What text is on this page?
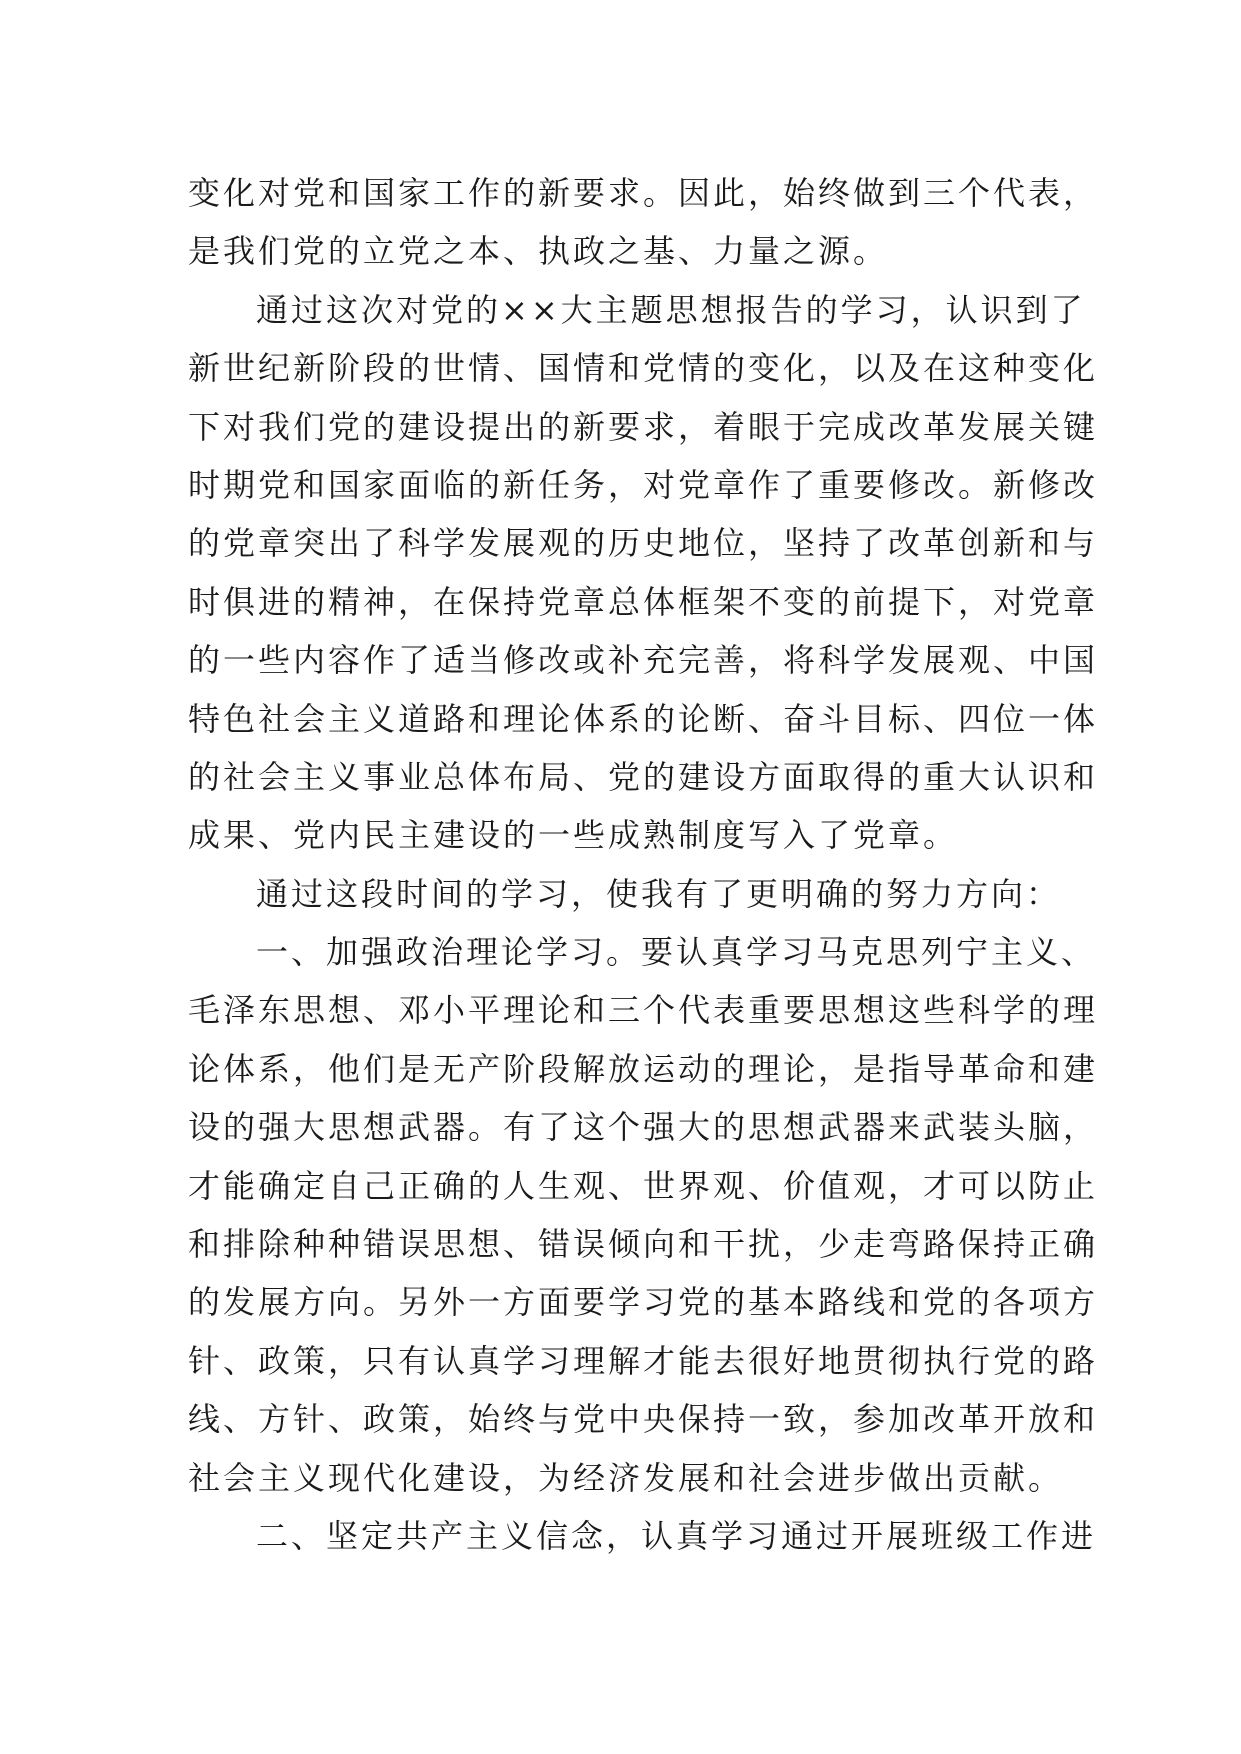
变化对党和国家工作的新要求。因此，始终做到三个代表，
是我们党的立党之本、执政之基、力量之源。
通过这次对党的××大主题思想报告的学习，认识到了
新世纪新阶段的世情、国情和党情的变化，以及在这种变化
下对我们党的建设提出的新要求，着眼于完成改革发展关键
时期党和国家面临的新任务，对党章作了重要修改。新修改
的党章突出了科学发展观的历史地位，坚持了改革创新和与
时俱进的精神，在保持党章总体框架不变的前提下，对党章
的一些内容作了适当修改或补充完善，将科学发展观、中国
特色社会主义道路和理论体系的论断、奋斗目标、四位一体
的社会主义事业总体布局、党的建设方面取得的重大认识和
成果、党内民主建设的一些成熟制度写入了党章。
通过这段时间的学习，使我有了更明确的努力方向：
一、加强政治理论学习。要认真学习马克思列宁主义、
毛泽东思想、邓小平理论和三个代表重要思想这些科学的理
论体系，他们是无产阶段解放运动的理论，是指导革命和建
设的强大思想武器。有了这个强大的思想武器来武装头脑，
才能确定自己正确的人生观、世界观、价值观，才可以防止
和排除种种错误思想、错误倾向和干扰，少走弯路保持正确
的发展方向。另外一方面要学习党的基本路线和党的各项方
针、政策，只有认真学习理解才能去很好地贯彻执行党的路
线、方针、政策，始终与党中央保持一致，参加改革开放和
社会主义现代化建设，为经济发展和社会进步做出贡献。
二、坚定共产主义信念，认真学习通过开展班级工作进
